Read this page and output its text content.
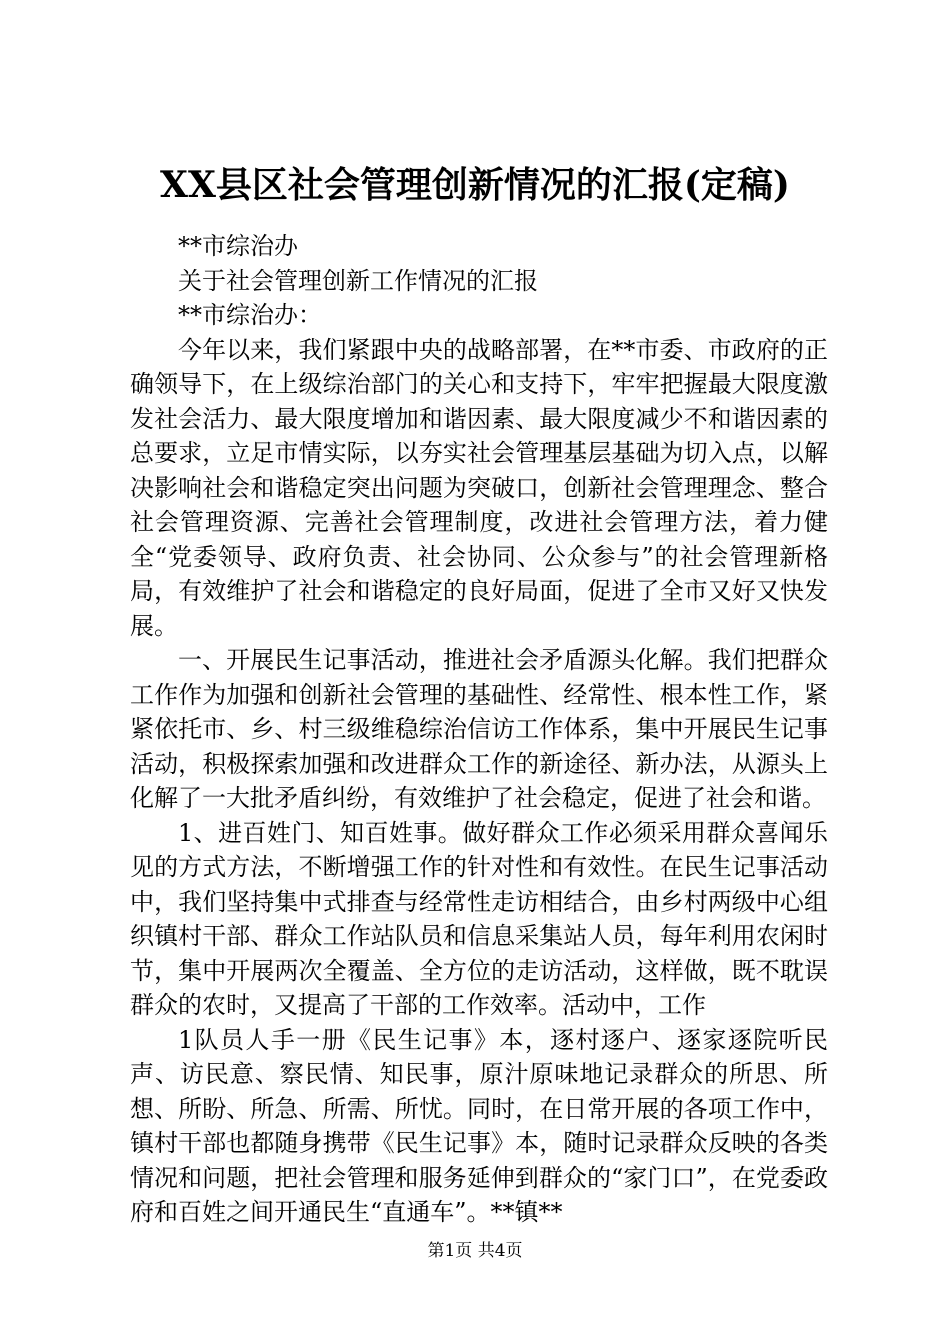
XX县区社会管理创新情况的汇报(定稿)

**市综治办

关于社会管理创新工作情况的汇报

**市综治办：

今年以来，我们紧跟中央的战略部署，在**市委、市政府的正确领导下，在上级综治部门的关心和支持下，牢牢把握最大限度激发社会活力、最大限度增加和谐因素、最大限度减少不和谐因素的总要求，立足市情实际，以夯实社会管理基层基础为切入点，以解决影响社会和谐稳定突出问题为突破口，创新社会管理理念、整合社会管理资源、完善社会管理制度，改进社会管理方法，着力健全“党委领导、政府负责、社会协同、公众参与”的社会管理新格局，有效维护了社会和谐稳定的良好局面，促进了全市又好又快发展。

一、开展民生记事活动，推进社会矛盾源头化解。我们把群众工作作为加强和创新社会管理的基础性、经常性、根本性工作，紧紧依托市、乡、村三级维稳综治信访工作体系，集中开展民生记事活动，积极探索加强和改进群众工作的新途径、新办法，从源头上化解了一大批矛盾纠纷，有效维护了社会稳定，促进了社会和谐。

1、进百姓门、知百姓事。做好群众工作必须采用群众喜闻乐见的方式方法，不断增强工作的针对性和有效性。在民生记事活动中，我们坚持集中式排查与经常性走访相结合，由乡村两级中心组织镇村干部、群众工作站队员和信息采集站人员，每年利用农闲时节，集中开展两次全覆盖、全方位的走访活动，这样做，既不耽误群众的农时，又提高了干部的工作效率。活动中，工作

1队员人手一册《民生记事》本，逐村逐户、逐家逐院听民声、访民意、察民情、知民事，原汁原味地记录群众的所思、所想、所盼、所急、所需、所忧。同时，在日常开展的各项工作中，镇村干部也都随身携带《民生记事》本，随时记录群众反映的各类情况和问题，把社会管理和服务延伸到群众的“家门口”，在党委政府和百姓之间开通民生“直通车”。**镇**

第1页 共4页
